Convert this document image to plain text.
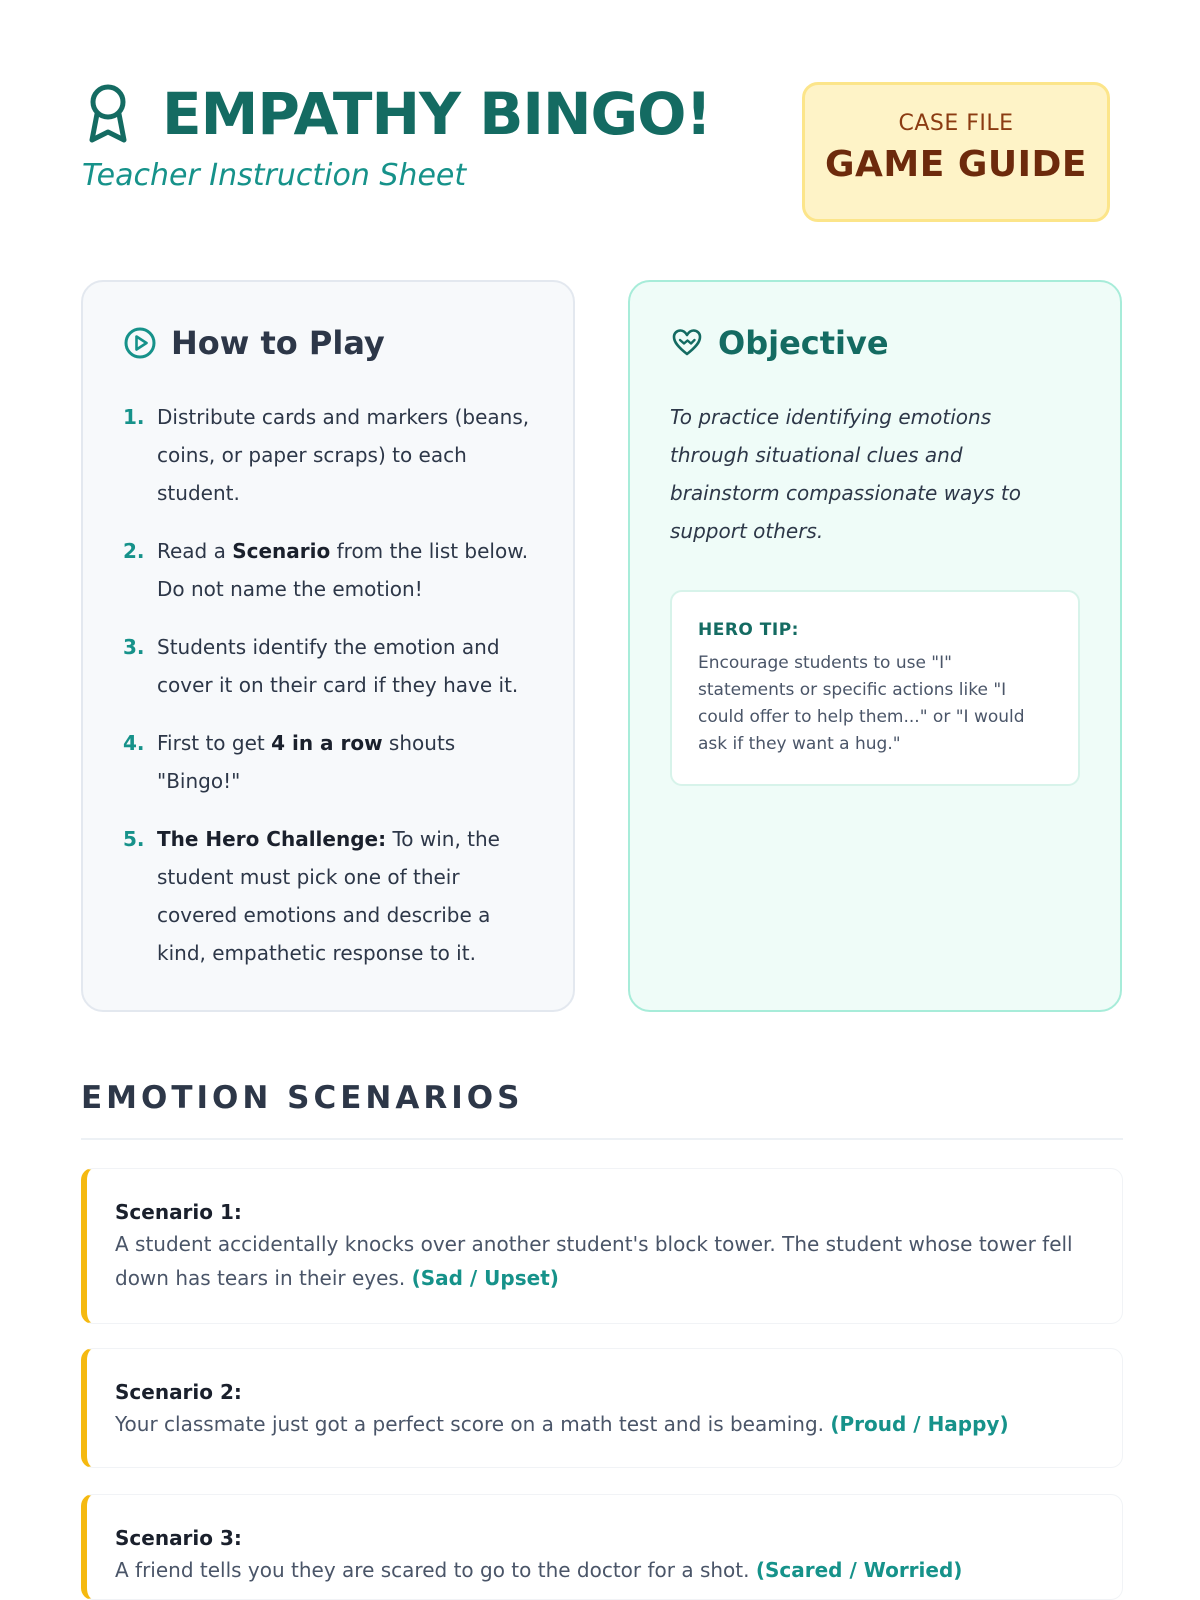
EMPATHY BINGO!
Teacher Instruction Sheet
CASE FILE
GAME GUIDE
How to Play
1. Distribute cards and markers (beans, coins, or paper scraps) to each student.
2. Read a Scenario from the list below. Do not name the emotion!
3. Students identify the emotion and cover it on their card if they have it.
4. First to get 4 in a row shouts "Bingo!"
5. The Hero Challenge: To win, the student must pick one of their covered emotions and describe a kind, empathetic response to it.
Objective
To practice identifying emotions through situational clues and brainstorm compassionate ways to support others.
HERO TIP:
Encourage students to use "I" statements or specific actions like "I could offer to help them..." or "I would ask if they want a hug."
EMOTION SCENARIOS
Scenario 1:
A student accidentally knocks over another student's block tower. The student whose tower fell down has tears in their eyes. (Sad / Upset)
Scenario 2:
Your classmate just got a perfect score on a math test and is beaming. (Proud / Happy)
Scenario 3:
A friend tells you they are scared to go to the doctor for a shot. (Scared / Worried)
